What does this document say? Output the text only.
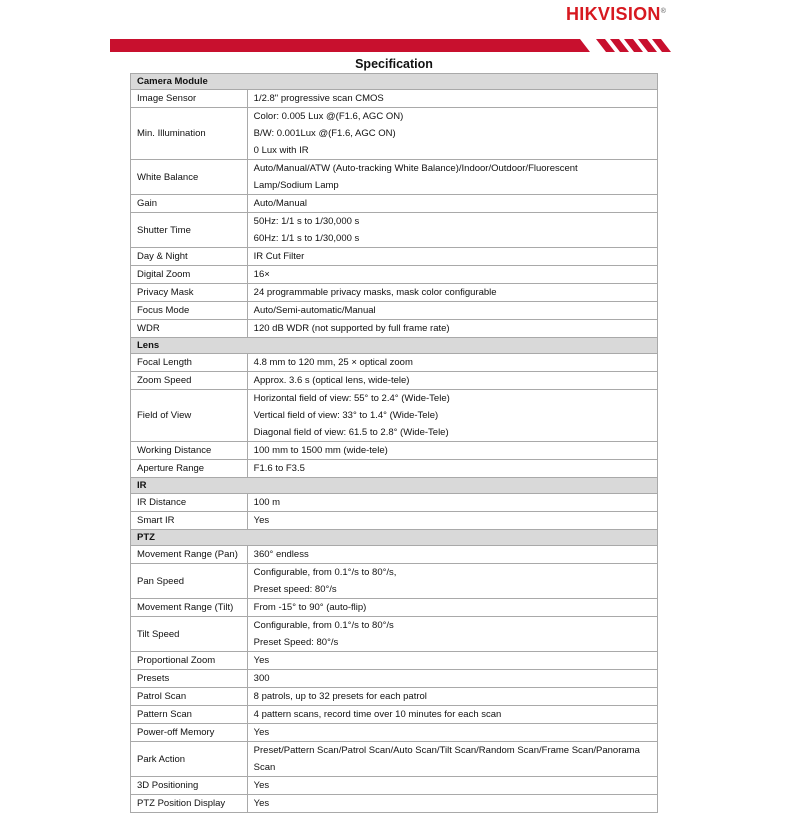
HIKVISION®
Specification
Camera Module	
Image Sensor	1/2.8" progressive scan CMOS

Min. Illumination	Color: 0.005 Lux @(F1.6, AGC ON)
B/W: 0.001Lux @(F1.6, AGC ON)
0 Lux with IR

White Balance	Auto/Manual/ATW (Auto-tracking White Balance)/Indoor/Outdoor/Fluorescent
Lamp/Sodium Lamp

Gain	Auto/Manual

Shutter Time	50Hz: 1/1 s to 1/30,000 s
60Hz: 1/1 s to 1/30,000 s

Day & Night	IR Cut Filter

Digital Zoom	16×

Privacy Mask	24 programmable privacy masks, mask color configurable

Focus Mode	Auto/Semi-automatic/Manual

WDR	120 dB WDR (not supported by full frame rate)

Lens	
Focal Length	4.8 mm to 120 mm, 25 × optical zoom

Zoom Speed	Approx. 3.6 s (optical lens, wide-tele)

Field of View	Horizontal field of view: 55° to 2.4° (Wide-Tele)
Vertical field of view: 33° to 1.4° (Wide-Tele)
Diagonal field of view: 61.5 to 2.8° (Wide-Tele)

Working Distance	100 mm to 1500 mm (wide-tele)

Aperture Range	F1.6 to F3.5

IR	
IR Distance	100 m

Smart IR	Yes

PTZ	
Movement Range (Pan)	360° endless

Pan Speed	Configurable, from 0.1°/s to 80°/s,
Preset speed: 80°/s

Movement Range (Tilt)	From -15° to 90° (auto-flip)

Tilt Speed	Configurable, from 0.1°/s to 80°/s
Preset Speed: 80°/s

Proportional Zoom	Yes

Presets	300

Patrol Scan	8 patrols, up to 32 presets for each patrol

Pattern Scan	4 pattern scans, record time over 10 minutes for each scan

Power-off Memory	Yes

Park Action	Preset/Pattern Scan/Patrol Scan/Auto Scan/Tilt Scan/Random Scan/Frame Scan/Panorama
Scan

3D Positioning	Yes

PTZ Position Display	Yes
